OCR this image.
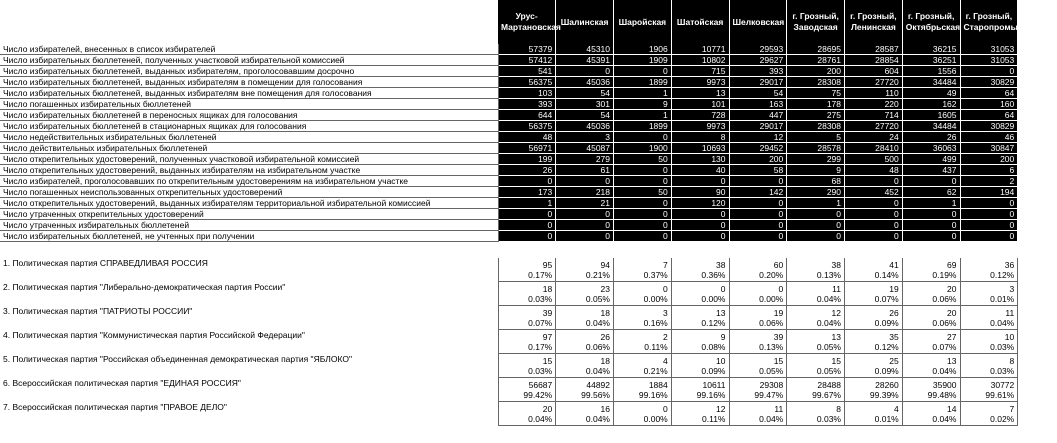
	Урус-Мартановская	Шалинская	Шаройская	Шатойская	Шелковская	г. Грозный, Заводская	г. Грозный, Ленинская	г. Грозный, Октябрьская	г. Грозный, Старопромысловская
Число избирателей, внесенных в список избирателей	57379	45310	1906	10771	29593	28695	28587	36215	31053
Число избирательных бюллетеней, полученных участковой избирательной комиссией	57412	45391	1909	10802	29627	28761	28854	36251	31053
Число избирательных бюллетеней, выданных избирателям, проголосовавшим досрочно	541	0	0	715	393	200	604	1556	0
Число избирательных бюллетеней, выданных избирателям в помещении для голосования	56375	45036	1899	9973	29017	28308	27720	34484	30829
Число избирательных бюллетеней, выданных избирателям вне помещения для голосования	103	54	1	13	54	75	110	49	64
Число погашенных избирательных бюллетеней	393	301	9	101	163	178	220	162	160
Число избирательных бюллетеней в переносных ящиках для голосования	644	54	1	728	447	275	714	1605	64
Число избирательных бюллетеней в стационарных ящиках для голосования	56375	45036	1899	9973	29017	28308	27720	34484	30829
Число недействительных избирательных бюллетеней	48	3	0	8	12	5	24	26	46
Число действительных избирательных бюллетеней	56971	45087	1900	10693	29452	28578	28410	36063	30847
Число открепительных удостоверений, полученных участковой избирательной комиссией	199	279	50	130	200	299	500	499	200
Число открепительных удостоверений, выданных избирателям на избирательном участке	26	61	0	40	58	9	48	437	6
Число избирателей, проголосовавших по открепительным удостоверениям на избирательном участке	0	0	0	0	0	68	0	0	2
Число погашенных неиспользованных открепительных удостоверений	173	218	50	90	142	290	452	62	194
Число открепительных удостоверений, выданных избирателям территориальной избирательной комиссией	1	21	0	120	0	1	0	1	0
Число утраченных открепительных удостоверений	0	0	0	0	0	0	0	0	0
Число утраченных избирательных бюллетеней	0	0	0	0	0	0	0	0	0
Число избирательных бюллетеней, не учтенных при получении	0	0	0	0	0	0	0	0	0

1. Политическая партия СПРАВЕДЛИВАЯ РОССИЯ	95	94	7	38	60	38	41	69	36
	0.17%	0.21%	0.37%	0.36%	0.20%	0.13%	0.14%	0.19%	0.12%
2. Политическая партия "Либерально-демократическая партия России"	18	23	0	0	0	11	19	20	3
	0.03%	0.05%	0.00%	0.00%	0.00%	0.04%	0.07%	0.06%	0.01%
3. Политическая партия "ПАТРИОТЫ РОССИИ"	39	18	3	13	19	12	26	20	11
	0.07%	0.04%	0.16%	0.12%	0.06%	0.04%	0.09%	0.06%	0.04%
4. Политическая партия "Коммунистическая партия Российской Федерации"	97	26	2	9	39	13	35	27	10
	0.17%	0.06%	0.11%	0.08%	0.13%	0.05%	0.12%	0.07%	0.03%
5. Политическая партия "Российская объединенная демократическая партия "ЯБЛОКО"	15	18	4	10	15	15	25	13	8
	0.03%	0.04%	0.21%	0.09%	0.05%	0.05%	0.09%	0.04%	0.03%
6. Всероссийская политическая партия "ЕДИНАЯ РОССИЯ"	56687	44892	1884	10611	29308	28488	28260	35900	30772
	99.42%	99.56%	99.16%	99.16%	99.47%	99.67%	99.39%	99.48%	99.61%
7. Всероссийская политическая партия "ПРАВОЕ ДЕЛО"	20	16	0	12	11	8	4	14	7
	0.04%	0.04%	0.00%	0.11%	0.04%	0.03%	0.01%	0.04%	0.02%
